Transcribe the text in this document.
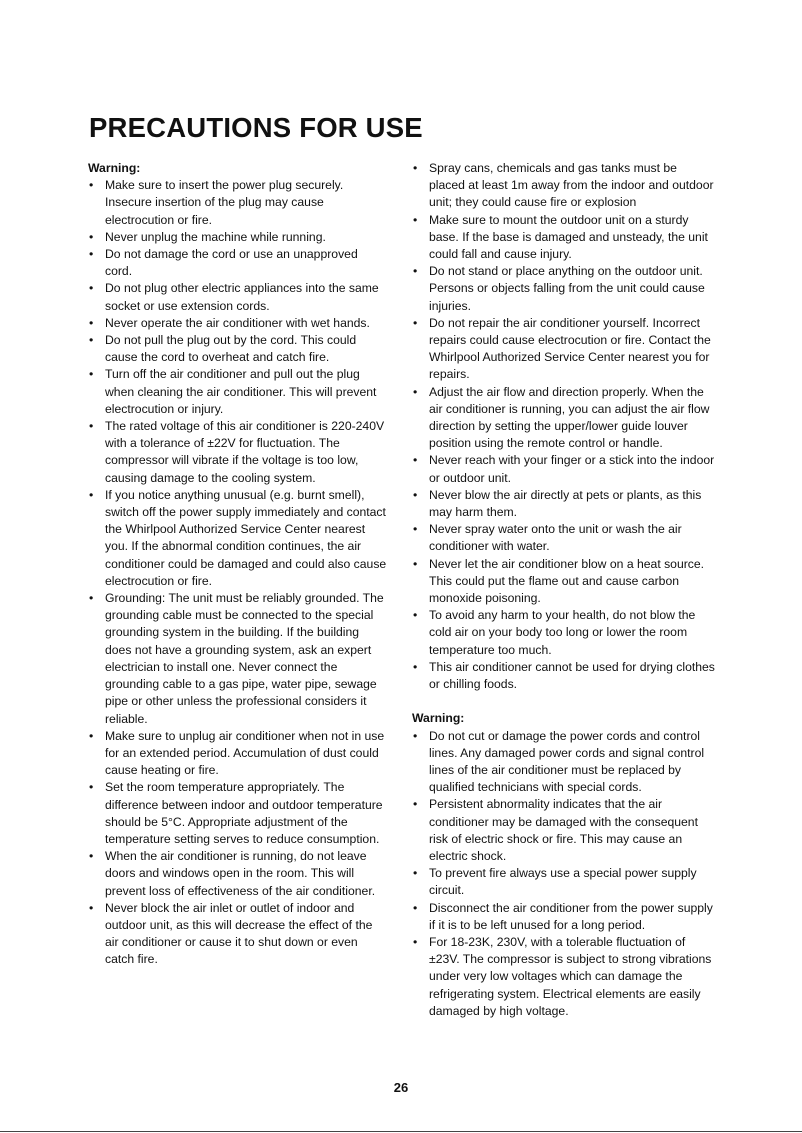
PRECAUTIONS FOR USE

Warning:

• Make sure to insert the power plug securely. Insecure insertion of the plug may cause electrocution or fire.
• Never unplug the machine while running.
• Do not damage the cord or use an unapproved cord.
• Do not plug other electric appliances into the same socket or use extension cords.
• Never operate the air conditioner with wet hands.
• Do not pull the plug out by the cord. This could cause the cord to overheat and catch fire.
• Turn off the air conditioner and pull out the plug when cleaning the air conditioner. This will prevent electrocution or injury.
• The rated voltage of this air conditioner is 220-240V with a tolerance of ±22V for fluctuation. The compressor will vibrate if the voltage is too low, causing damage to the cooling system.
• If you notice anything unusual (e.g. burnt smell), switch off the power supply immediately and contact the Whirlpool Authorized Service Center nearest you. If the abnormal condition continues, the air conditioner could be damaged and could also cause electrocution or fire.
• Grounding: The unit must be reliably grounded. The grounding cable must be connected to the special grounding system in the building. If the building does not have a grounding system, ask an expert electrician to install one. Never connect the grounding cable to a gas pipe, water pipe, sewage pipe or other unless the professional considers it reliable.
• Make sure to unplug air conditioner when not in use for an extended period. Accumulation of dust could cause heating or fire.
• Set the room temperature appropriately. The difference between indoor and outdoor temperature should be 5°C. Appropriate adjustment of the temperature setting serves to reduce consumption.
• When the air conditioner is running, do not leave doors and windows open in the room. This will prevent loss of effectiveness of the air conditioner.
• Never block the air inlet or outlet of indoor and outdoor unit, as this will decrease the effect of the air conditioner or cause it to shut down or even catch fire.
• Spray cans, chemicals and gas tanks must be placed at least 1m away from the indoor and outdoor unit; they could cause fire or explosion
• Make sure to mount the outdoor unit on a sturdy base. If the base is damaged and unsteady, the unit could fall and cause injury.
• Do not stand or place anything on the outdoor unit. Persons or objects falling from the unit could cause injuries.
• Do not repair the air conditioner yourself. Incorrect repairs could cause electrocution or fire. Contact the Whirlpool Authorized Service Center nearest you for repairs.
• Adjust the air flow and direction properly. When the air conditioner is running, you can adjust the air flow direction by setting the upper/lower guide louver position using the remote control or handle.
• Never reach with your finger or a stick into the indoor or outdoor unit.
• Never blow the air directly at pets or plants, as this may harm them.
• Never spray water onto the unit or wash the air conditioner with water.
• Never let the air conditioner blow on a heat source. This could put the flame out and cause carbon monoxide poisoning.
• To avoid any harm to your health, do not blow the cold air on your body too long or lower the room temperature too much.
• This air conditioner cannot be used for drying clothes or chilling foods.

Warning:

• Do not cut or damage the power cords and control lines. Any damaged power cords and signal control lines of the air conditioner must be replaced by qualified technicians with special cords.
• Persistent abnormality indicates that the air conditioner may be damaged with the consequent risk of electric shock or fire. This may cause an electric shock.
• To prevent fire always use a special power supply circuit.
• Disconnect the air conditioner from the power supply if it is to be left unused for a long period.
• For 18-23K, 230V, with a tolerable fluctuation of ±23V. The compressor is subject to strong vibrations under very low voltages which can damage the refrigerating system. Electrical elements are easily damaged by high voltage.
26
